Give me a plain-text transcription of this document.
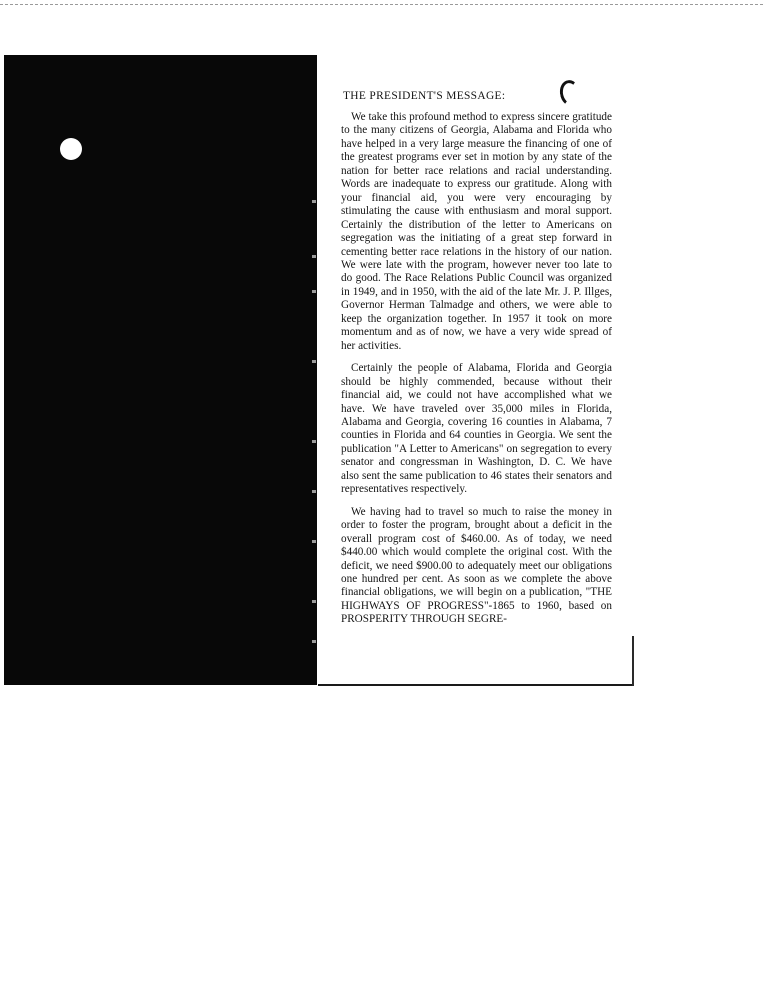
THE PRESIDENT'S MESSAGE:

We take this profound method to express sincere gratitude to the many citizens of Georgia, Alabama and Florida who have helped in a very large measure the financing of one of the greatest programs ever set in motion by any state of the nation for better race relations and racial understanding. Words are inadequate to express our gratitude. Along with your financial aid, you were very encouraging by stimulating the cause with enthusiasm and moral support. Certainly the distribution of the letter to Americans on segregation was the initiating of a great step forward in cementing better race relations in the history of our nation. We were late with the program, however never too late to do good. The Race Relations Public Council was organized in 1949, and in 1950, with the aid of the late Mr. J. P. Illges, Governor Herman Talmadge and others, we were able to keep the organization together. In 1957 it took on more momentum and as of now, we have a very wide spread of her activities.

Certainly the people of Alabama, Florida and Georgia should be highly commended, because without their financial aid, we could not have accomplished what we have. We have traveled over 35,000 miles in Florida, Alabama and Georgia, covering 16 counties in Alabama, 7 counties in Florida and 64 counties in Georgia. We sent the publication "A Letter to Americans" on segregation to every senator and congressman in Washington, D. C. We have also sent the same publication to 46 states their senators and representatives respectively.

We having had to travel so much to raise the money in order to foster the program, brought about a deficit in the overall program cost of $460.00. As of today, we need $440.00 which would complete the original cost. With the deficit, we need $900.00 to adequately meet our obligations one hundred per cent. As soon as we complete the above financial obligations, we will begin on a publication, "THE HIGHWAYS OF PROGRESS"-1865 to 1960, based on PROSPERITY THROUGH SEGRE-
